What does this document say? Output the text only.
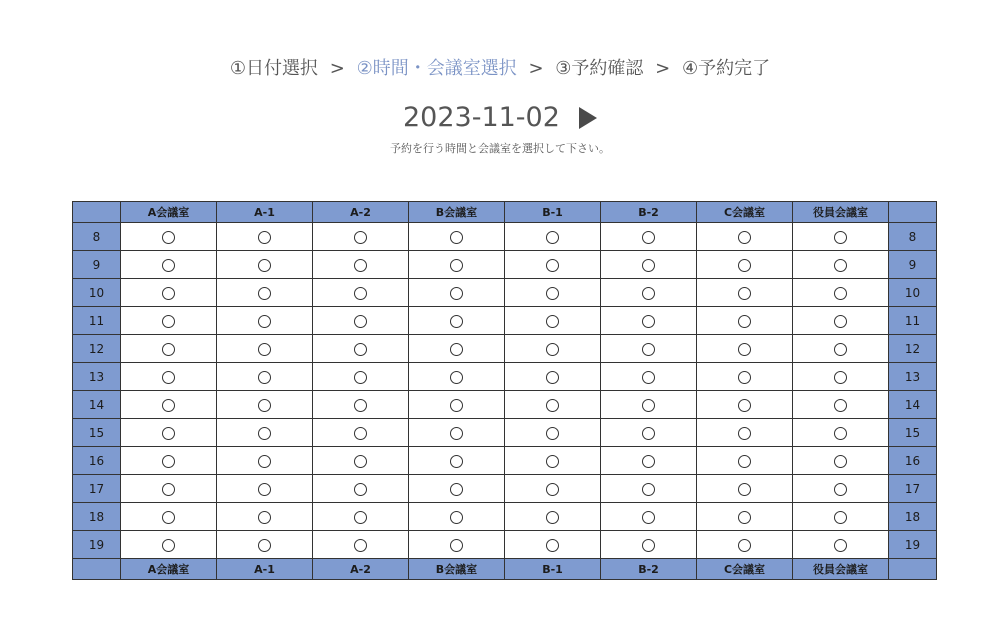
①日付選択 > ②時間・会議室選択 > ③予約確認 > ④予約完了
2023-11-02
予約を行う時間と会議室を選択して下さい。
	A会議室	A-1	A-2	B会議室	B-1	B-2	C会議室	役員会議室	
8									8
9									9
10									10
11									11
12									12
13									13
14									14
15									15
16									16
17									17
18									18
19									19
	A会議室	A-1	A-2	B会議室	B-1	B-2	C会議室	役員会議室	
